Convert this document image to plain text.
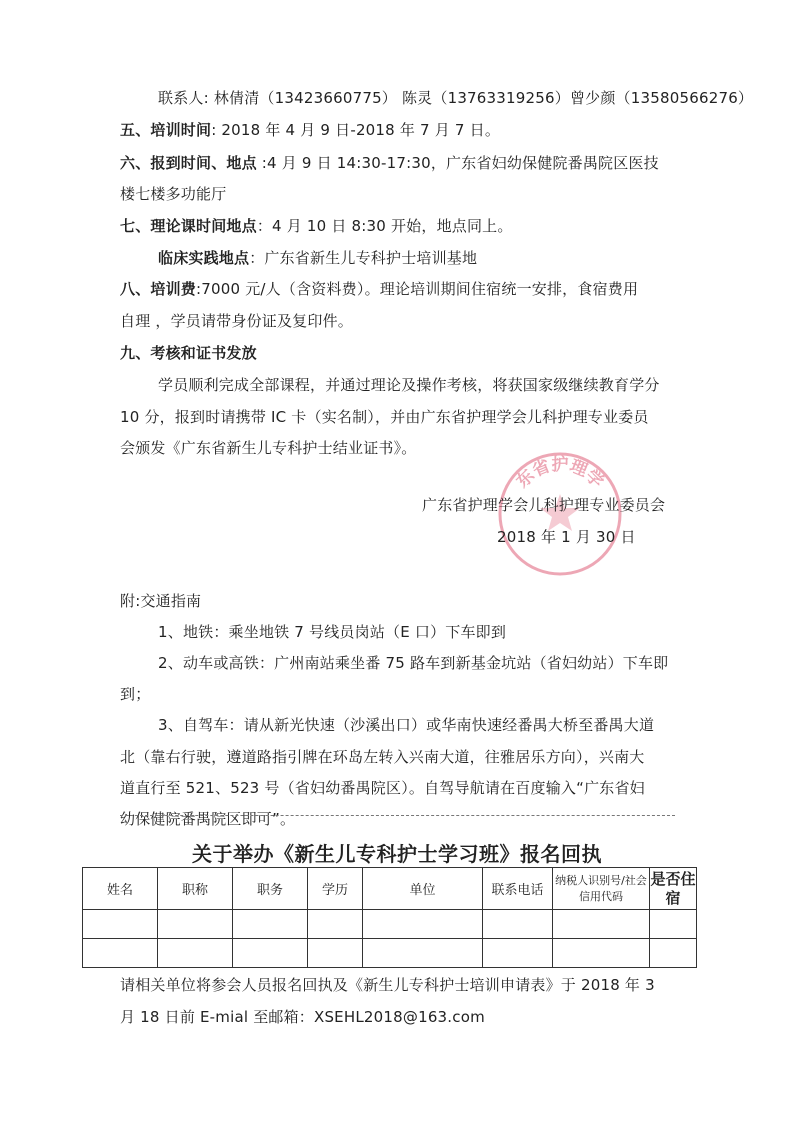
联系人: 林倩清（13423660775） 陈灵（13763319256）曾少颜（13580566276）
五、培训时间: 2018 年 4 月 9 日-2018 年 7 月 7 日。
六、报到时间、地点 :4 月 9 日 14:30-17:30，广东省妇幼保健院番禺院区医技
楼七楼多功能厅
七、理论课时间地点：4 月 10 日 8:30 开始，地点同上。
临床实践地点：广东省新生儿专科护士培训基地
八、培训费:7000 元/人（含资料费）。理论培训期间住宿统一安排，食宿费用
自理 ，学员请带身份证及复印件。
九、考核和证书发放
学员顺利完成全部课程，并通过理论及操作考核，将获国家级继续教育学分
10 分，报到时请携带 IC 卡（实名制），并由广东省护理学会儿科护理专业委员
会颁发《广东省新生儿专科护士结业证书》。
东省护理学
广东省护理学会儿科护理专业委员会
2018 年 1 月 30 日
附:交通指南
1、地铁：乘坐地铁 7 号线员岗站（E 口）下车即到
2、动车或高铁：广州南站乘坐番 75 路车到新基金坑站（省妇幼站）下车即
到；
3、自驾车：请从新光快速（沙溪出口）或华南快速经番禺大桥至番禺大道
北（靠右行驶，遵道路指引牌在环岛左转入兴南大道，往雅居乐方向），兴南大
道直行至 521、523 号（省妇幼番禺院区）。自驾导航请在百度输入“广东省妇
幼保健院番禺院区即可”。
关于举办《新生儿专科护士学习班》报名回执
姓名	职称	职务	学历	单位	联系电话	纳税人识别号/社会信用代码	是否住宿

请相关单位将参会人员报名回执及《新生儿专科护士培训申请表》于 2018 年 3
月 18 日前 E-mial 至邮箱：XSEHL2018@163.com
